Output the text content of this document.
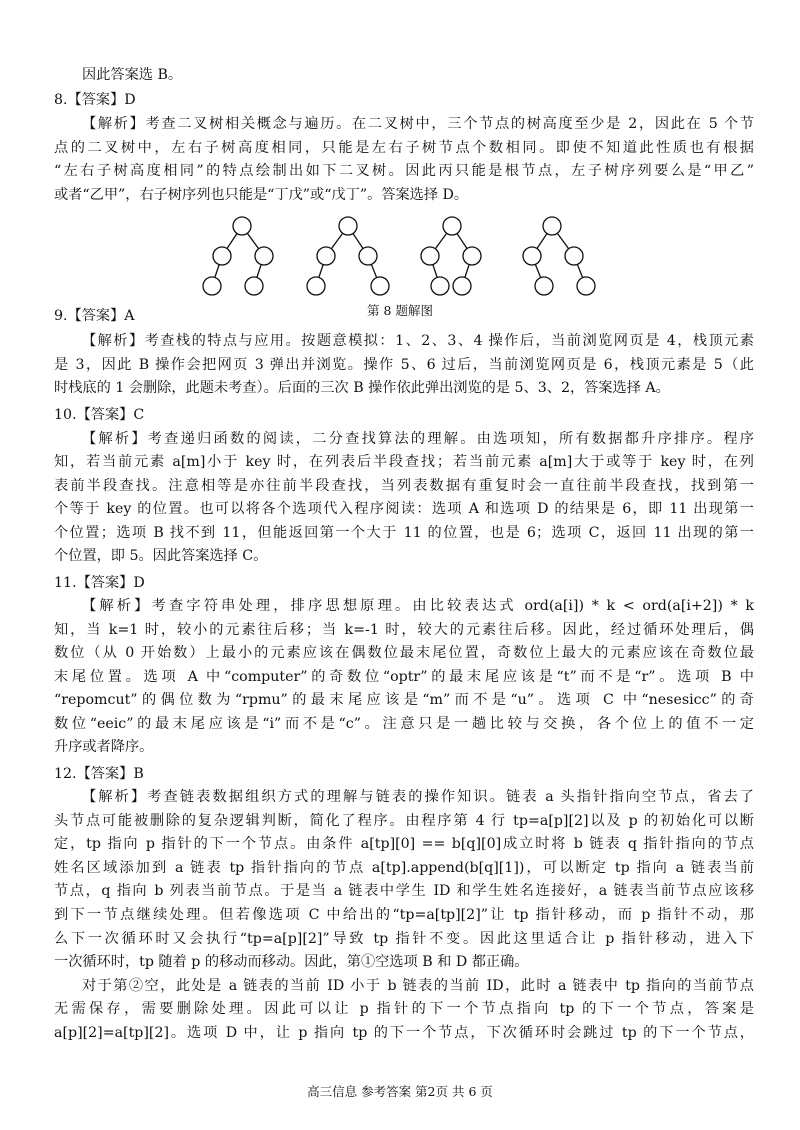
因此答案选 B。
8.【答案】D
【解析】考查二叉树相关概念与遍历。在二叉树中，三个节点的树高度至少是 2，因此在 5 个节
点的二叉树中，左右子树高度相同，只能是左右子树节点个数相同。即使不知道此性质也有根据
“左右子树高度相同”的特点绘制出如下二叉树。因此丙只能是根节点，左子树序列要么是“甲乙”
或者“乙甲”，右子树序列也只能是“丁戊”或“戊丁”。答案选择 D。
9.【答案】A
【解析】考查栈的特点与应用。按题意模拟：1、2、3、4 操作后，当前浏览网页是 4，栈顶元素
是 3，因此 B 操作会把网页 3 弹出并浏览。操作 5、6 过后，当前浏览网页是 6，栈顶元素是 5（此
时栈底的 1 会删除，此题未考查）。后面的三次 B 操作依此弹出浏览的是 5、3、2，答案选择 A。
10.【答案】C
【解析】考查递归函数的阅读，二分查找算法的理解。由选项知，所有数据都升序排序。程序
知，若当前元素 a[m]小于 key 时，在列表后半段查找；若当前元素 a[m]大于或等于 key 时，在列
表前半段查找。注意相等是亦往前半段查找，当列表数据有重复时会一直往前半段查找，找到第一
个等于 key 的位置。也可以将各个选项代入程序阅读：选项 A 和选项 D 的结果是 6，即 11 出现第一
个位置；选项 B 找不到 11，但能返回第一个大于 11 的位置，也是 6；选项 C，返回 11 出现的第一
个位置，即 5。因此答案选择 C。
11.【答案】D
【解析】考查字符串处理，排序思想原理。由比较表达式 ord(a[i]) * k < ord(a[i+2]) * k
知，当 k=1 时，较小的元素往后移；当 k=-1 时，较大的元素往后移。因此，经过循环处理后，偶
数位（从 0 开始数）上最小的元素应该在偶数位最末尾位置，奇数位上最大的元素应该在奇数位最
末尾位置。选项 A 中“computer”的奇数位“optr”的最末尾应该是“t”而不是“r”。选项 B 中
“repomcut”的偶位数为“rpmu”的最末尾应该是“m”而不是“u”。选项 C 中“nesesicc”的奇
数位“eeic”的最末尾应该是“i”而不是“c”。注意只是一趟比较与交换，各个位上的值不一定
升序或者降序。
12.【答案】B
【解析】考查链表数据组织方式的理解与链表的操作知识。链表 a 头指针指向空节点，省去了
头节点可能被删除的复杂逻辑判断，简化了程序。由程序第 4 行 tp=a[p][2]以及 p 的初始化可以断
定，tp 指向 p 指针的下一个节点。由条件 a[tp][0] == b[q][0]成立时将 b 链表 q 指针指向的节点
姓名区域添加到 a 链表 tp 指针指向的节点 a[tp].append(b[q][1])，可以断定 tp 指向 a 链表当前
节点，q 指向 b 列表当前节点。于是当 a 链表中学生 ID 和学生姓名连接好，a 链表当前节点应该移
到下一节点继续处理。但若像选项 C 中给出的“tp=a[tp][2]”让 tp 指针移动，而 p 指针不动，那
么下一次循环时又会执行“tp=a[p][2]”导致 tp 指针不变。因此这里适合让 p 指针移动，进入下
一次循环时，tp 随着 p 的移动而移动。因此，第①空选项 B 和 D 都正确。
对于第②空，此处是 a 链表的当前 ID 小于 b 链表的当前 ID，此时 a 链表中 tp 指向的当前节点
无需保存，需要删除处理。因此可以让 p 指针的下一个节点指向 tp 的下一个节点，答案是
a[p][2]=a[tp][2]。选项 D 中，让 p 指向 tp 的下一个节点，下次循环时会跳过 tp 的下一个节点，
第 8 题解图
高三信息 参考答案 第2页 共 6 页
